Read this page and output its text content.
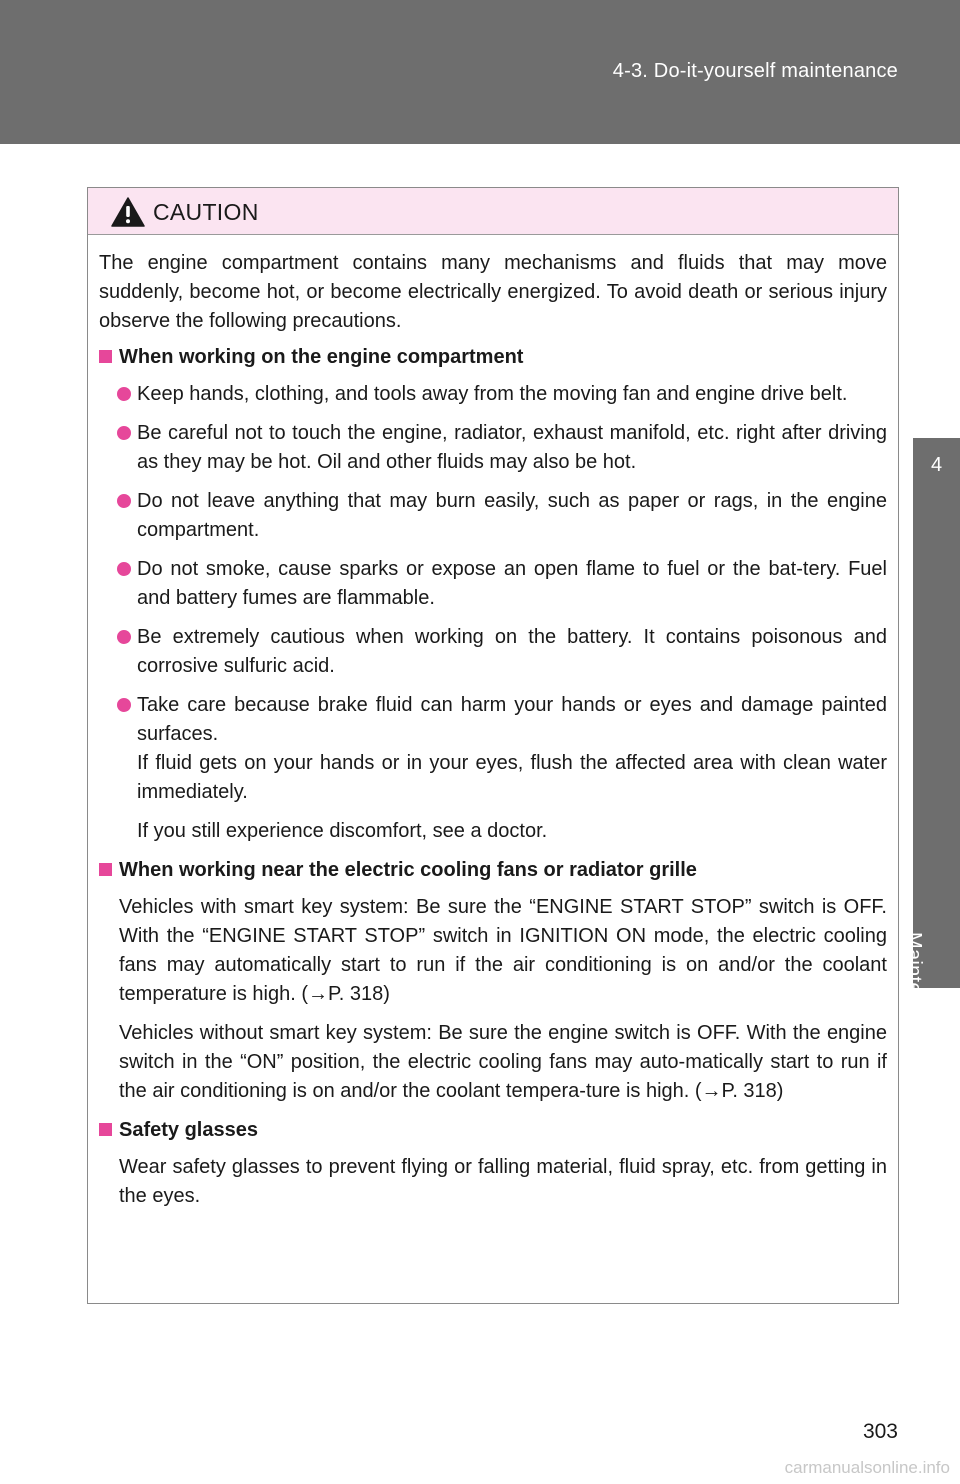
4-3. Do-it-yourself maintenance
4
Maintenance and care
CAUTION

The engine compartment contains many mechanisms and fluids that may move suddenly, become hot, or become electrically energized. To avoid death or serious injury observe the following precautions.

When working on the engine compartment

Keep hands, clothing, and tools away from the moving fan and engine drive belt.
Be careful not to touch the engine, radiator, exhaust manifold, etc. right after driving as they may be hot. Oil and other fluids may also be hot.
Do not leave anything that may burn easily, such as paper or rags, in the engine compartment.
Do not smoke, cause sparks or expose an open flame to fuel or the bat-tery. Fuel and battery fumes are flammable.
Be extremely cautious when working on the battery. It contains poisonous and corrosive sulfuric acid.
Take care because brake fluid can harm your hands or eyes and damage painted surfaces.

If fluid gets on your hands or in your eyes, flush the affected area with clean water immediately.

If you still experience discomfort, see a doctor.

When working near the electric cooling fans or radiator grille

Vehicles with smart key system: Be sure the “ENGINE START STOP” switch is OFF. With the “ENGINE START STOP” switch in IGNITION ON mode, the electric cooling fans may automatically start to run if the air conditioning is on and/or the coolant temperature is high. (→P. 318)

Vehicles without smart key system: Be sure the engine switch is OFF. With the engine switch in the “ON” position, the electric cooling fans may auto-matically start to run if the air conditioning is on and/or the coolant tempera-ture is high. (→P. 318)

Safety glasses

Wear safety glasses to prevent flying or falling material, fluid spray, etc. from getting in the eyes.

303
carmanualsonline.info
